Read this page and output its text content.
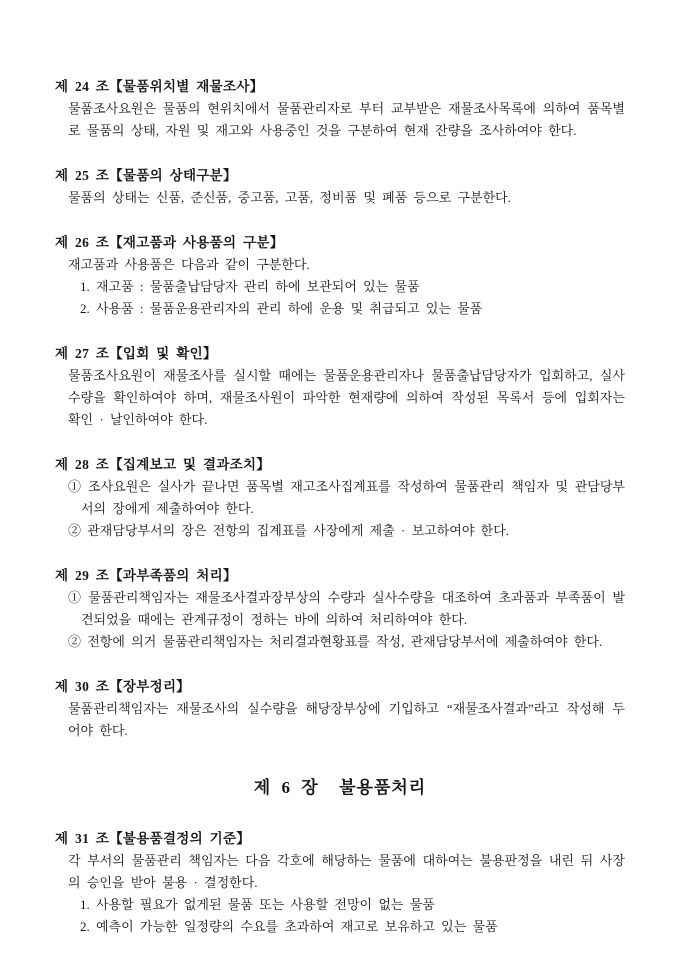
제 24 조【물품위치별 재물조사】

물품조사요원은 물품의 현위치에서 물품관리자로 부터 교부받은 재물조사목록에 의하여 품목별로 물품의 상태, 자원 및 재고와 사용중인 것을 구분하여 현재 잔량을 조사하여야 한다.

제 25 조【물품의 상태구분】

물품의 상태는 신품, 준신품, 중고품, 고품, 정비품 및 폐품 등으로 구분한다.

제 26 조【재고품과 사용품의 구분】

재고품과 사용품은 다음과 같이 구분한다.

1. 재고품 : 물품출납담당자 관리 하에 보관되어 있는 물품

2. 사용품 : 물품운용관리자의 관리 하에 운용 및 취급되고 있는 물품

제 27 조【입회 및 확인】

물품조사요원이 재물조사를 실시할 때에는 물품운용관리자나 물품출납담당자가 입회하고, 실사수량을 확인하여야 하며, 재물조사원이 파악한 현재량에 의하여 작성된 목록서 등에 입회자는 확인 · 날인하여야 한다.

제 28 조【집계보고 및 결과조치】

① 조사요원은 실사가 끝나면 품목별 재고조사집계표를 작성하여 물품관리 책임자 및 관담당부서의 장에게 제출하여야 한다.

② 관재담당부서의 장은 전항의 집계표를 사장에게 제출 · 보고하여야 한다.

제 29 조【과부족품의 처리】

① 물품관리책임자는 재물조사결과장부상의 수량과 실사수량을 대조하여 초과품과 부족품이 발견되었을 때에는 관계규정이 정하는 바에 의하여 처리하여야 한다.

② 전항에 의거 물품관리책임자는 처리결과현황표를 작성, 관재담당부서에 제출하여야 한다.

제 30 조【장부정리】

물품관리책임자는 재물조사의 실수량을 해당장부상에 기입하고 “재물조사결과”라고 작성해 두어야 한다.

제 6 장  불용품처리
제 31 조【불용품결정의 기준】

각 부서의 물품관리 책임자는 다음 각호에 해당하는 물품에 대하여는 불용판정을 내린 뒤 사장의 승인을 받아 불용 · 결정한다.

1. 사용할 필요가 없게된 물품 또는 사용할 전망이 없는 물품

2. 예측이 가능한 일정량의 수요를 초과하여 재고로 보유하고 있는 물품
